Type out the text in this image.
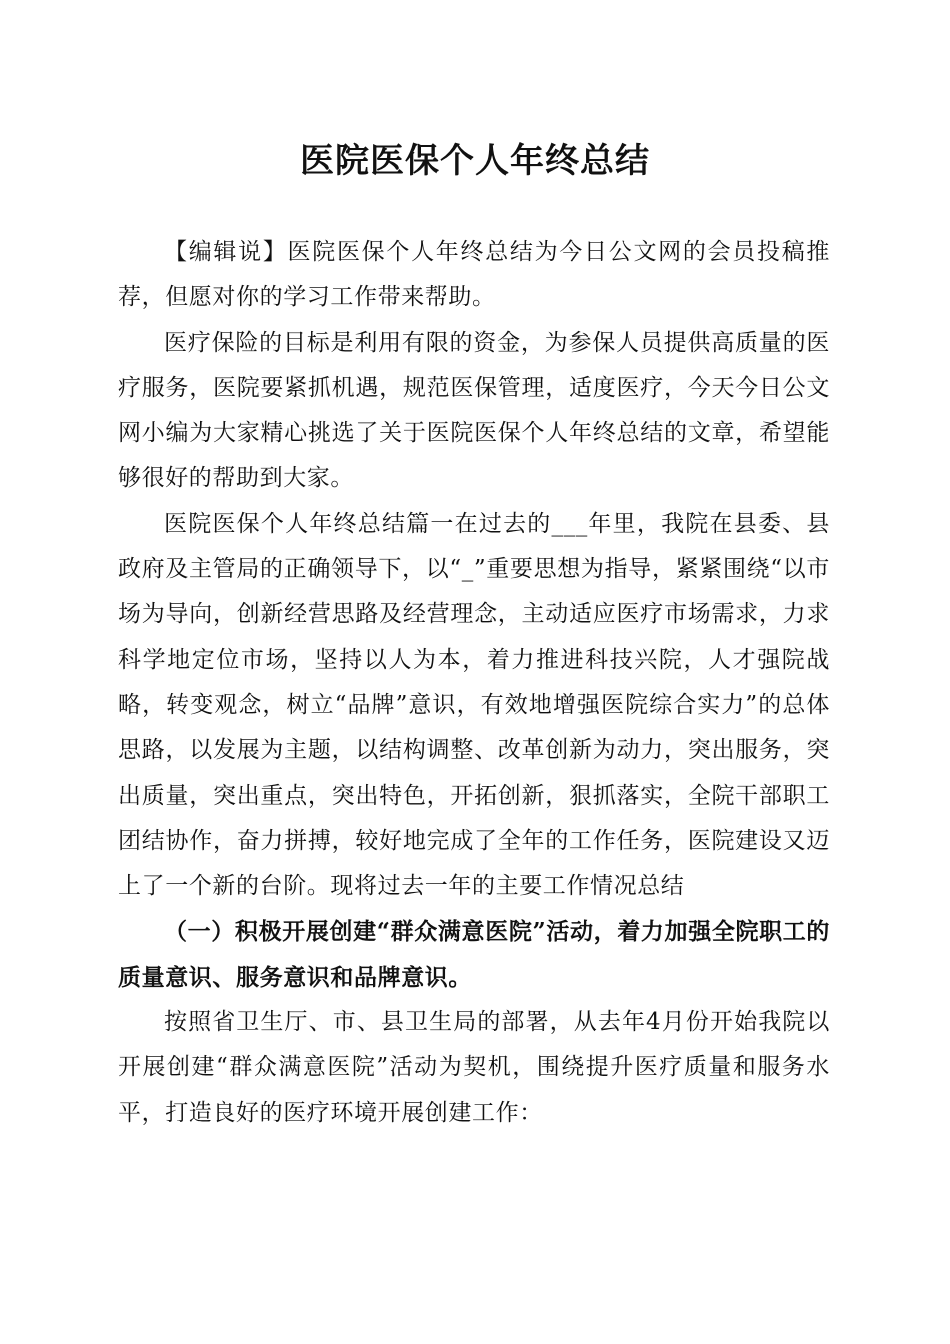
医院医保个人年终总结

【编辑说】医院医保个人年终总结为今日公文网的会员投稿推荐，但愿对你的学习工作带来帮助。

医疗保险的目标是利用有限的资金，为参保人员提供高质量的医疗服务，医院要紧抓机遇，规范医保管理，适度医疗，今天今日公文网小编为大家精心挑选了关于医院医保个人年终总结的文章，希望能够很好的帮助到大家。

医院医保个人年终总结篇一在过去的___年里，我院在县委、县政府及主管局的正确领导下，以“_”重要思想为指导，紧紧围绕“以市场为导向，创新经营思路及经营理念，主动适应医疗市场需求，力求科学地定位市场，坚持以人为本，着力推进科技兴院，人才强院战略，转变观念，树立“品牌”意识，有效地增强医院综合实力”的总体思路，以发展为主题，以结构调整、改革创新为动力，突出服务，突出质量，突出重点，突出特色，开拓创新，狠抓落实，全院干部职工团结协作，奋力拼搏，较好地完成了全年的工作任务，医院建设又迈上了一个新的台阶。现将过去一年的主要工作情况总结

（一）积极开展创建“群众满意医院”活动，着力加强全院职工的质量意识、服务意识和品牌意识。

按照省卫生厅、市、县卫生局的部署，从去年4月份开始我院以开展创建“群众满意医院”活动为契机，围绕提升医疗质量和服务水平，打造良好的医疗环境开展创建工作：
